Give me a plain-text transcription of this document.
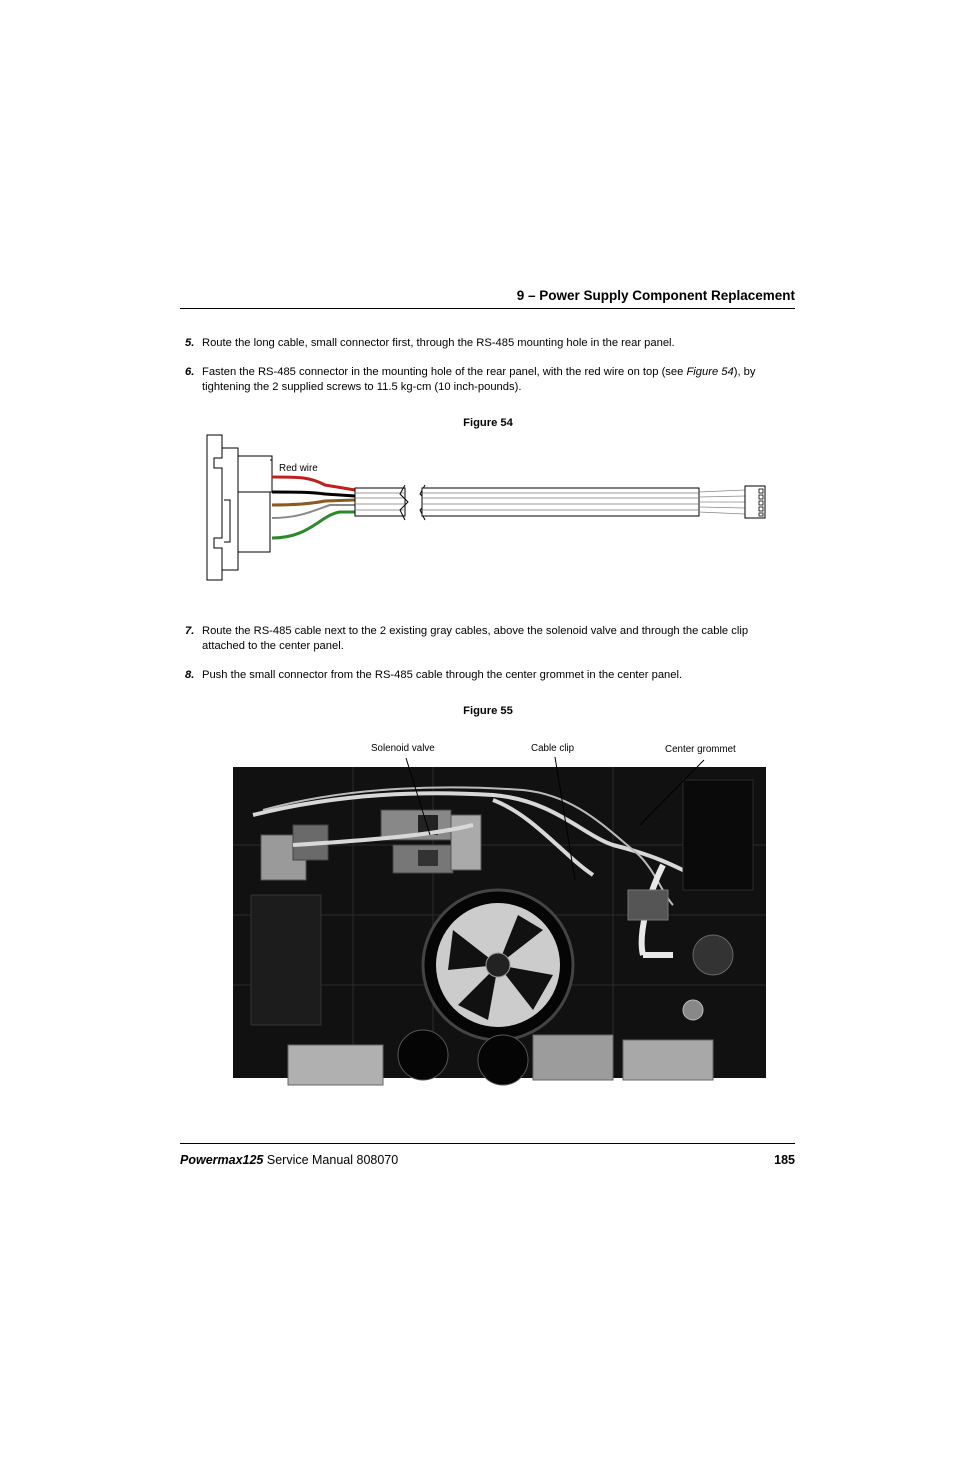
9 – Power Supply Component Replacement
5. Route the long cable, small connector first, through the RS-485 mounting hole in the rear panel.
6. Fasten the RS-485 connector in the mounting hole of the rear panel, with the red wire on top (see Figure 54), by tightening the 2 supplied screws to 11.5 kg-cm (10 inch-pounds).
Figure 54
Red wire
7. Route the RS-485 cable next to the 2 existing gray cables, above the solenoid valve and through the cable clip attached to the center panel.
8. Push the small connector from the RS-485 cable through the center grommet in the center panel.
Figure 55
Solenoid valve	Cable clip	Center grommet
Powermax125 Service Manual 808070	185
